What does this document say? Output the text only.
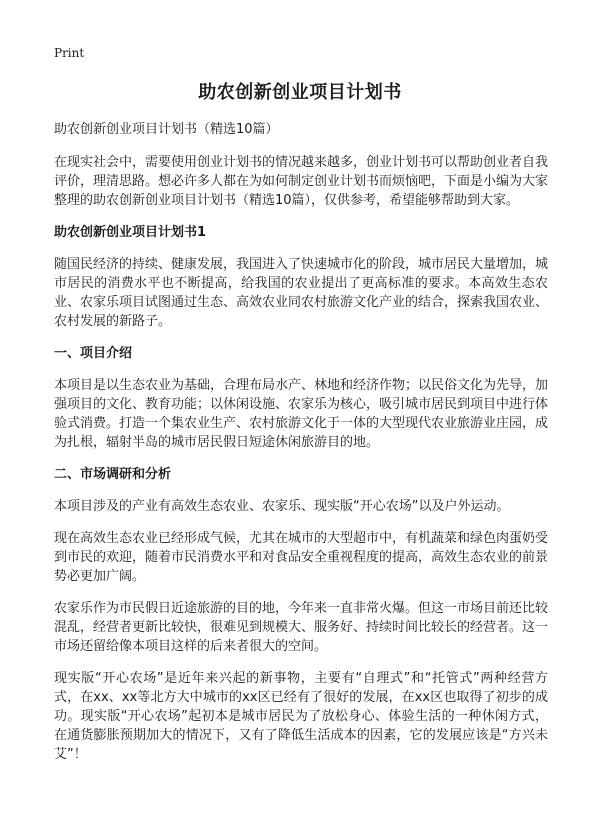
Print
助农创新创业项目计划书

助农创新创业项目计划书（精选10篇）

在现实社会中，需要使用创业计划书的情况越来越多，创业计划书可以帮助创业者自我评价，理清思路。想必许多人都在为如何制定创业计划书而烦恼吧，下面是小编为大家整理的助农创新创业项目计划书（精选10篇），仅供参考，希望能够帮助到大家。

助农创新创业项目计划书1

随国民经济的持续、健康发展，我国进入了快速城市化的阶段，城市居民大量增加，城市居民的消费水平也不断提高，给我国的农业提出了更高标准的要求。本高效生态农业、农家乐项目试图通过生态、高效农业同农村旅游文化产业的结合，探索我国农业、农村发展的新路子。

一、项目介绍

本项目是以生态农业为基础，合理布局水产、林地和经济作物；以民俗文化为先导，加强项目的文化、教育功能；以休闲设施、农家乐为核心，吸引城市居民到项目中进行体验式消费。打造一个集农业生产、农村旅游文化于一体的大型现代农业旅游业庄园，成为扎根，辐射半岛的城市居民假日短途休闲旅游目的地。

二、市场调研和分析

本项目涉及的产业有高效生态农业、农家乐、现实版“开心农场”以及户外运动。

现在高效生态农业已经形成气候，尤其在城市的大型超市中，有机蔬菜和绿色肉蛋奶受到市民的欢迎，随着市民消费水平和对食品安全重视程度的提高，高效生态农业的前景势必更加广阔。

农家乐作为市民假日近途旅游的目的地，今年来一直非常火爆。但这一市场目前还比较混乱，经营者更新比较快，很难见到规模大、服务好、持续时间比较长的经营者。这一市场还留给像本项目这样的后来者很大的空间。

现实版“开心农场”是近年来兴起的新事物，主要有“自理式”和“托管式”两种经营方式，在xx、xx等北方大中城市的xx区已经有了很好的发展，在xx区也取得了初步的成功。现实版“开心农场”起初本是城市居民为了放松身心、体验生活的一种休闲方式，在通货膨胀预期加大的情况下，又有了降低生活成本的因素，它的发展应该是“方兴未艾”！
